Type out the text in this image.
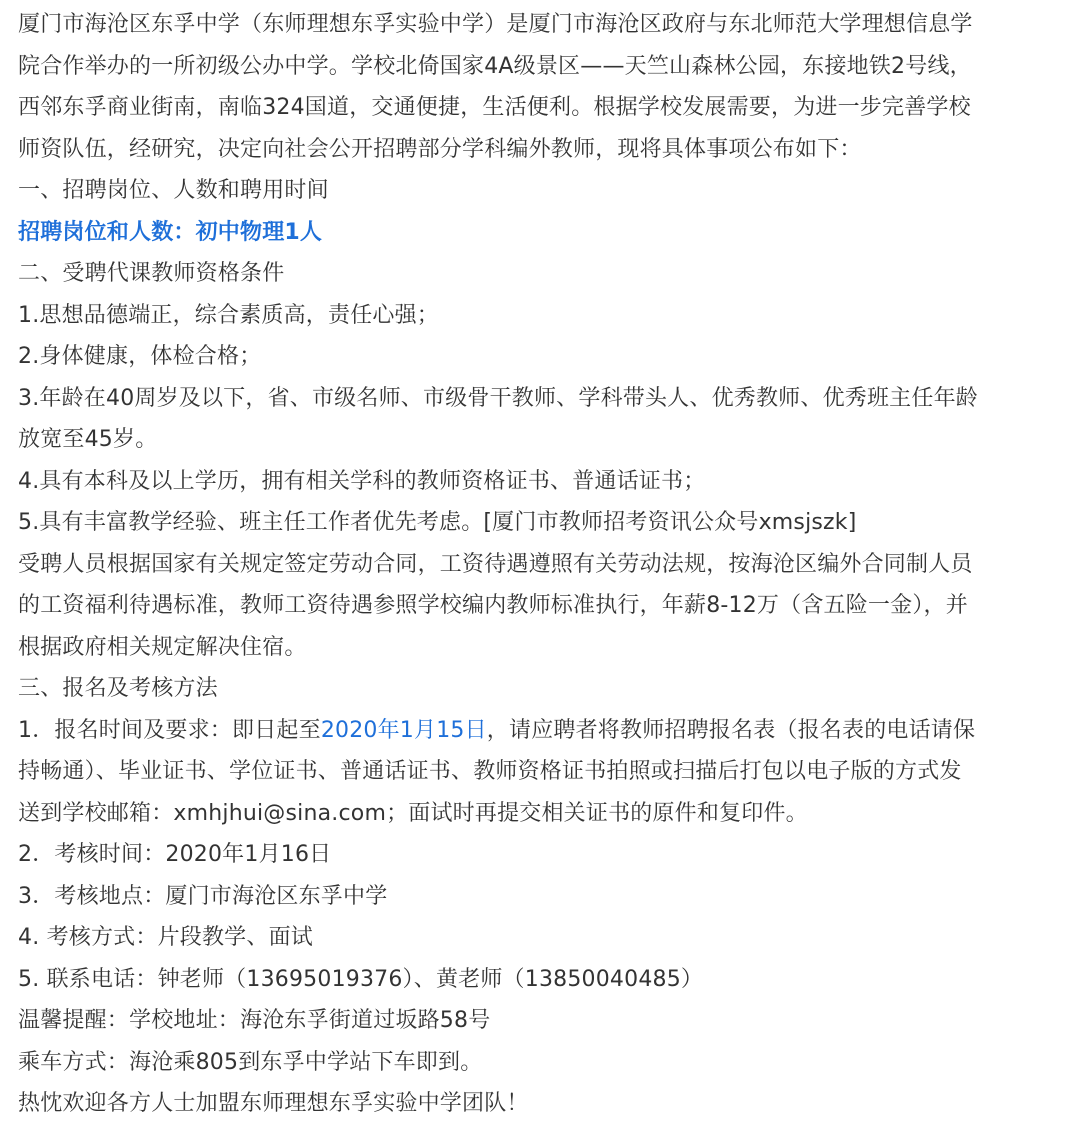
厦门市海沧区东孚中学（东师理想东孚实验中学）是厦门市海沧区政府与东北师范大学理想信息学

院合作举办的一所初级公办中学。学校北倚国家4A级景区——天竺山森林公园，东接地铁2号线，

西邻东孚商业街南，南临324国道，交通便捷，生活便利。根据学校发展需要，为进一步完善学校

师资队伍，经研究，决定向社会公开招聘部分学科编外教师，现将具体事项公布如下：

一、招聘岗位、人数和聘用时间

招聘岗位和人数：初中物理1人

二、受聘代课教师资格条件

1.思想品德端正，综合素质高，责任心强；

2.身体健康，体检合格；

3.年龄在40周岁及以下，省、市级名师、市级骨干教师、学科带头人、优秀教师、优秀班主任年龄

放宽至45岁。

4.具有本科及以上学历，拥有相关学科的教师资格证书、普通话证书；

5.具有丰富教学经验、班主任工作者优先考虑。[厦门市教师招考资讯公众号xmsjszk]

受聘人员根据国家有关规定签定劳动合同，工资待遇遵照有关劳动法规，按海沧区编外合同制人员

的工资福利待遇标准，教师工资待遇参照学校编内教师标准执行，年薪8-12万（含五险一金），并

根据政府相关规定解决住宿。

三、报名及考核方法

1．报名时间及要求：即日起至2020年1月15日，请应聘者将教师招聘报名表（报名表的电话请保

持畅通）、毕业证书、学位证书、普通话证书、教师资格证书拍照或扫描后打包以电子版的方式发

送到学校邮箱：xmhjhui@sina.com；面试时再提交相关证书的原件和复印件。

2．考核时间：2020年1月16日

3．考核地点：厦门市海沧区东孚中学

4. 考核方式：片段教学、面试

5. 联系电话：钟老师（13695019376）、黄老师（13850040485）

温馨提醒：学校地址：海沧东孚街道过坂路58号

乘车方式：海沧乘805到东孚中学站下车即到。

热忱欢迎各方人士加盟东师理想东孚实验中学团队！
